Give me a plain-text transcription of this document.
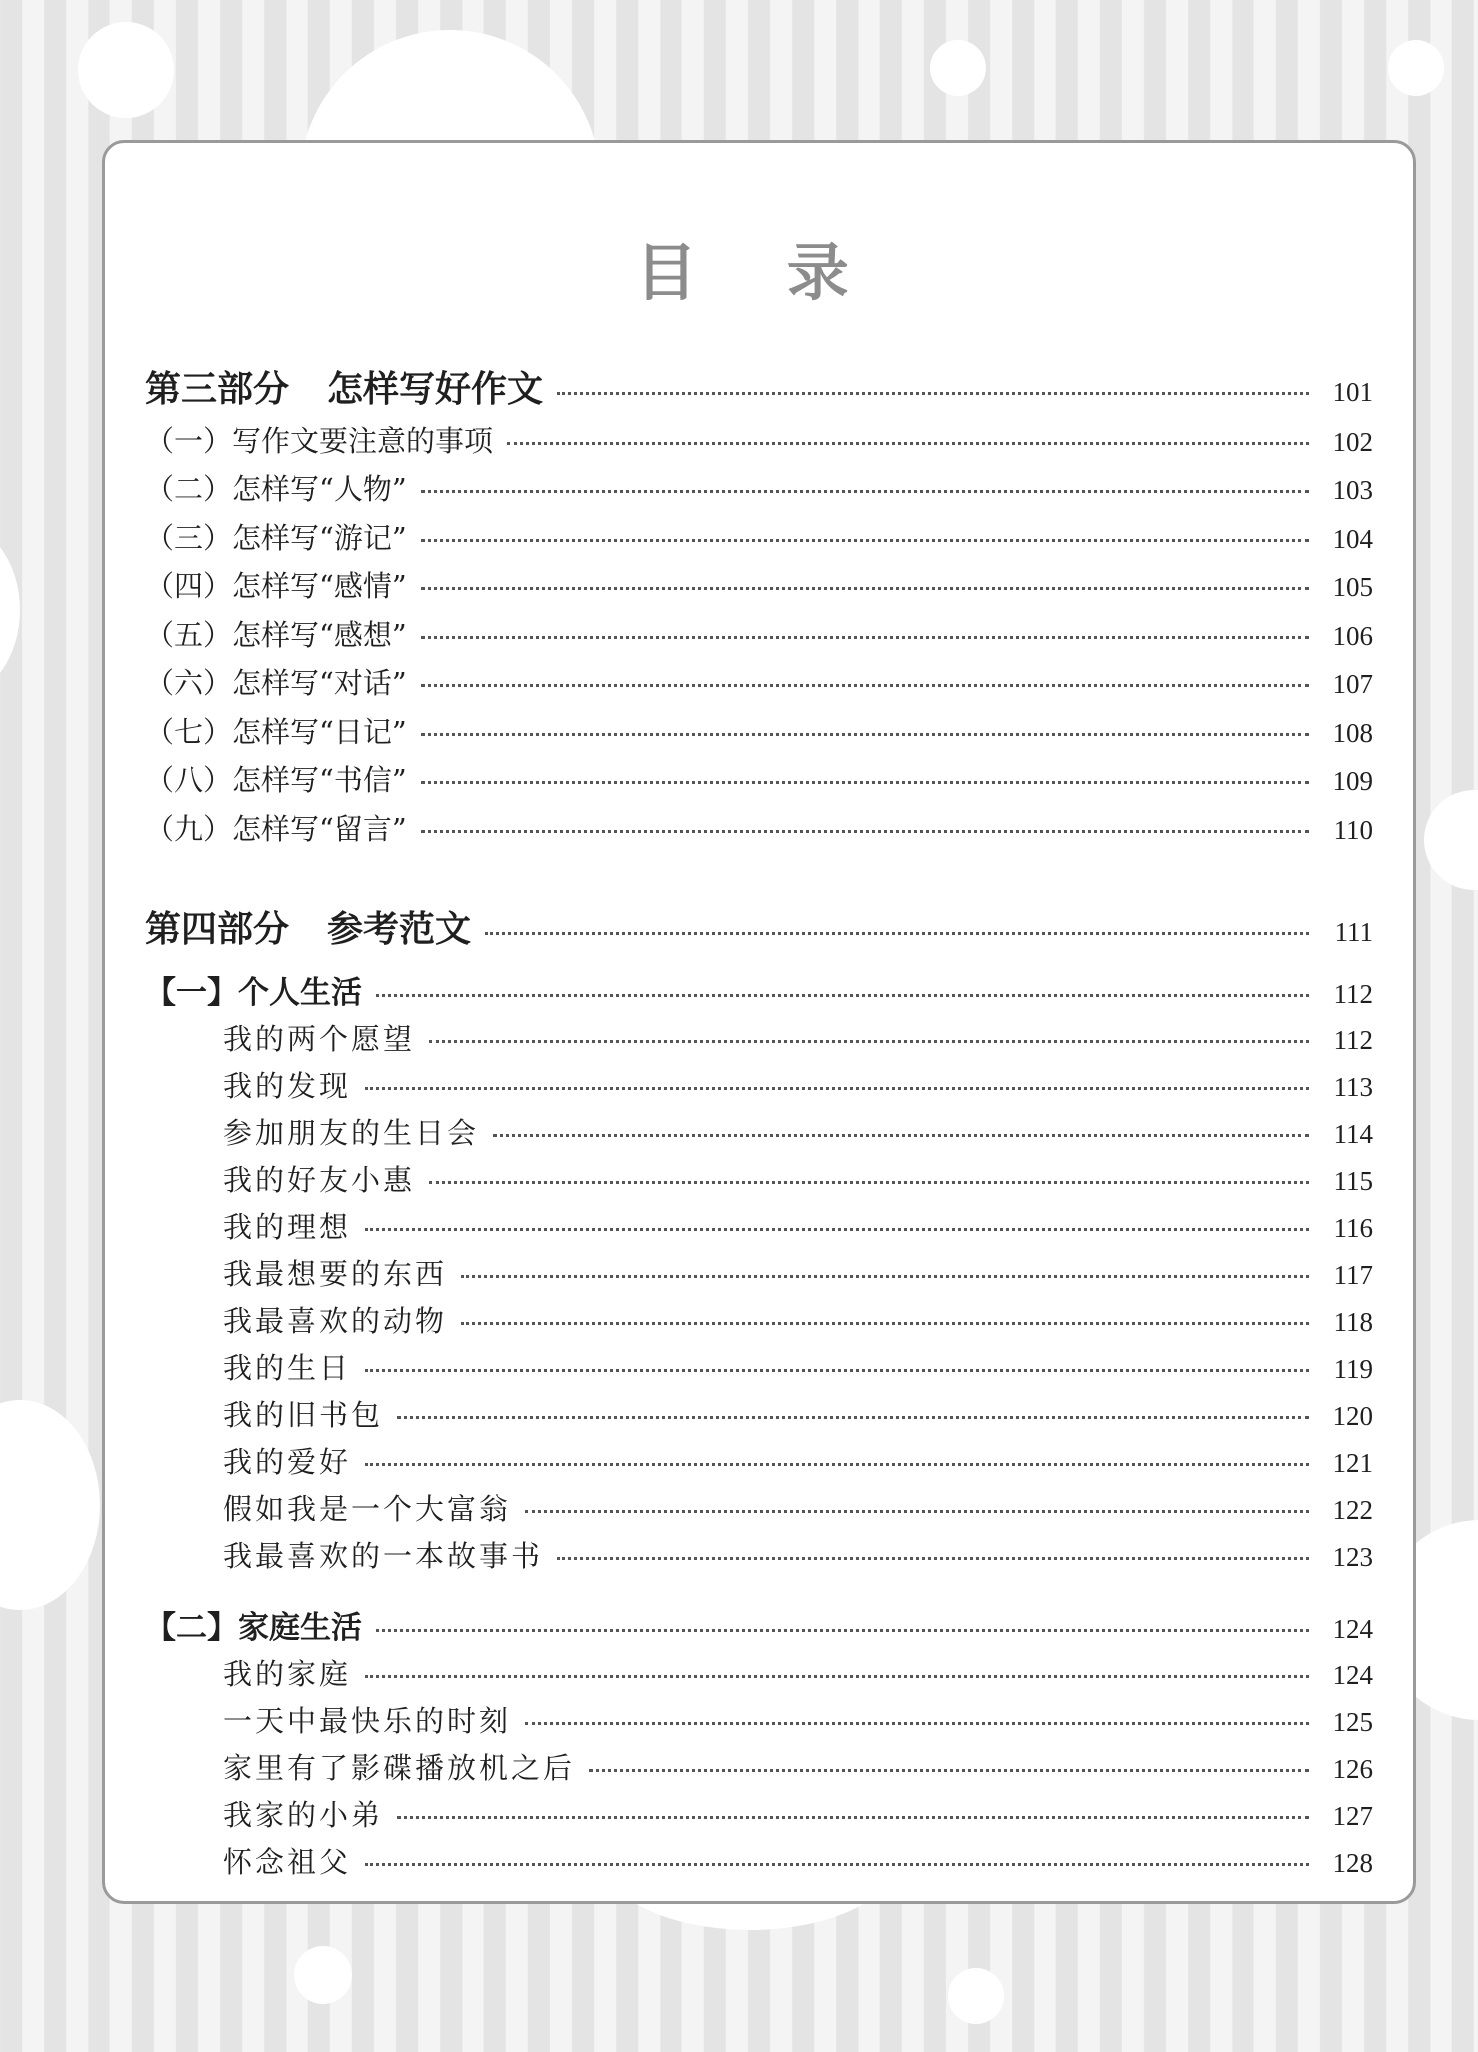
目 录
第三部分 怎样写好作文	101
（一）写作文要注意的事项	102
（二）怎样写“人物”	103
（三）怎样写“游记”	104
（四）怎样写“感情”	105
（五）怎样写“感想”	106
（六）怎样写“对话”	107
（七）怎样写“日记”	108
（八）怎样写“书信”	109
（九）怎样写“留言”	110
第四部分 参考范文	111
【一】个人生活	112
我的两个愿望	112
我的发现	113
参加朋友的生日会	114
我的好友小惠	115
我的理想	116
我最想要的东西	117
我最喜欢的动物	118
我的生日	119
我的旧书包	120
我的爱好	121
假如我是一个大富翁	122
我最喜欢的一本故事书	123
【二】家庭生活	124
我的家庭	124
一天中最快乐的时刻	125
家里有了影碟播放机之后	126
我家的小弟	127
怀念祖父	128
